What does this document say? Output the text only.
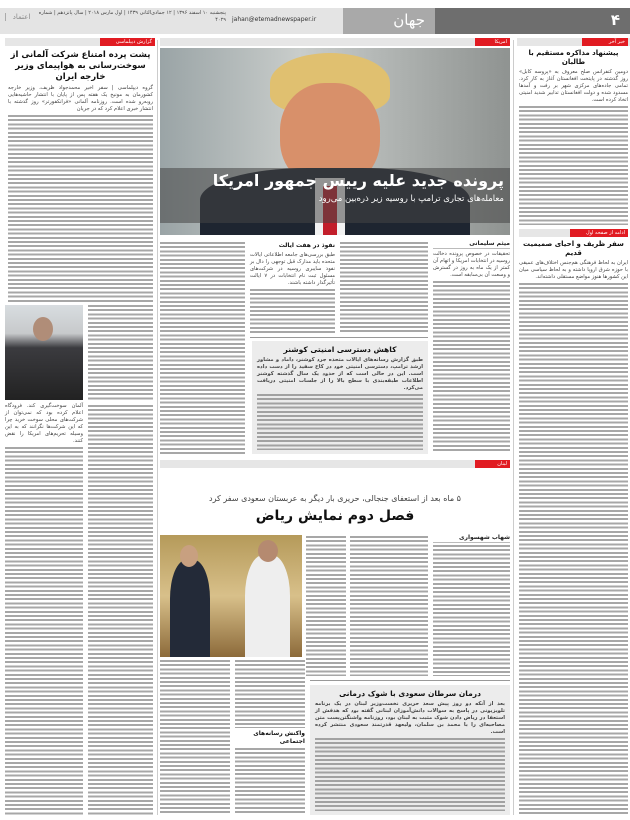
اعتماد	پنجشنبه ۱۰ اسفند ۱۳۹۶ | ۱۲ جمادی‌الثانی ۱۴۳۹ | اول مارس ۲۰۱۸ | سال پانزدهم | شماره ۴۰۲۹ jahan@etemadnewspaper.ir	جهان	۴
گزارش دیپلماسی	امریکا	خبر آخر
پشت پرده امتناع شرکت آلمانی از سوخت‌رسانی به هواپیمای وزیر خارجه ایران
گروه دیپلماسی | سفر اخیر محمدجواد ظریف، وزیر خارجه کشورمان به مونیخ یک هفته پس از پایان با انتشار حاشیه‌هایی روبه‌رو شده است. روزنامه آلمانی «فرانکفورتر» روز گذشته با انتشار خبری اعلام کرد که در جریان
آلمان سوخت‌گیری کند. فرودگاه اعلام کرده بود که نمی‌توان از شرکت‌های محلی سوخت خرید چرا که این شرکت‌ها نگرانند که به این وسیله تحریم‌های امریکا را نقض کنند.
پرونده جدید علیه رییس جمهور امریکا
معامله‌های تجاری ترامپ با روسیه زیر ذره‌بین می‌رود
میثم سلیمانی
تحقیقات در خصوص پرونده دخالت روسیه در انتخابات امریکا و اتهام آن کمتر از یک ماه به روز در گسترش و وسعت آن بی‌سابقه است.
نفوذ در هفت ایالت
طبق بررسی‌های جامعه اطلاعاتی ایالات متحده باید مدارک قبل توجهی را دال بر نفوذ سایبری روسیه در شرکت‌های مسئول ثبت نام انتخابات در ۷ ایالت تأثیرگذار داشته باشند.
کاهش دسترسی امنیتی کوشنر
طبق گزارش رسانه‌های ایالات متحده جرد کوشنر، داماد و مشاور ارشد ترامپ، دسترسی امنیتی خود در کاخ سفید را از دست داده است. این در حالی است که از حدود یک سال گذشته کوشنر اطلاعات طبقه‌بندی با سطح بالا را از جلسات امنیتی دریافت می‌کرد.
پیشنهاد مذاکره مستقیم با طالبان
دومین کنفرانس صلح معروف به «پروسه کابل» روز گذشته در پایتخت افغانستان آغاز به کار کرد. تمامی جاده‌های مرکزی شهر بر رفت و آمدها مسدود شده و دولت افغانستان تدابیر شدید امنیتی اتخاذ کرده است.
ادامه از صفحه اول
سفر ظریف و احیای صمیمیت قدیم
ایران به لحاظ فرهنگی هم‌جنس اختلاف‌های عمیقی با حوزه شرق اروپا داشته و به لحاظ سیاسی میان این کشورها هنوز مواضع مستقلی داشته‌اند.
لبنان
۵ ماه بعد از استعفای جنجالی، حریری بار دیگر به عربستان سعودی سفر کرد
فصل دوم نمایش ریاض
شهاب شهسواری
واکنش رسانه‌های اجتماعی
درمان سرطان سعودی با شوک درمانی
بعد از آنکه دو روز پیش سعد حریری نخست‌وزیر لبنان در یک برنامه تلویزیونی در پاسخ به سوالات دانش‌آموزان لبنانی گفته بود که هدفش از استعفا در ریاض دادن شوک مثبت به لبنان بود، روزنامه واشنگتن‌پست متن مصاحبه‌ای را با محمد بن سلمان، ولیعهد قدرتمند سعودی منتشر کرده است.
